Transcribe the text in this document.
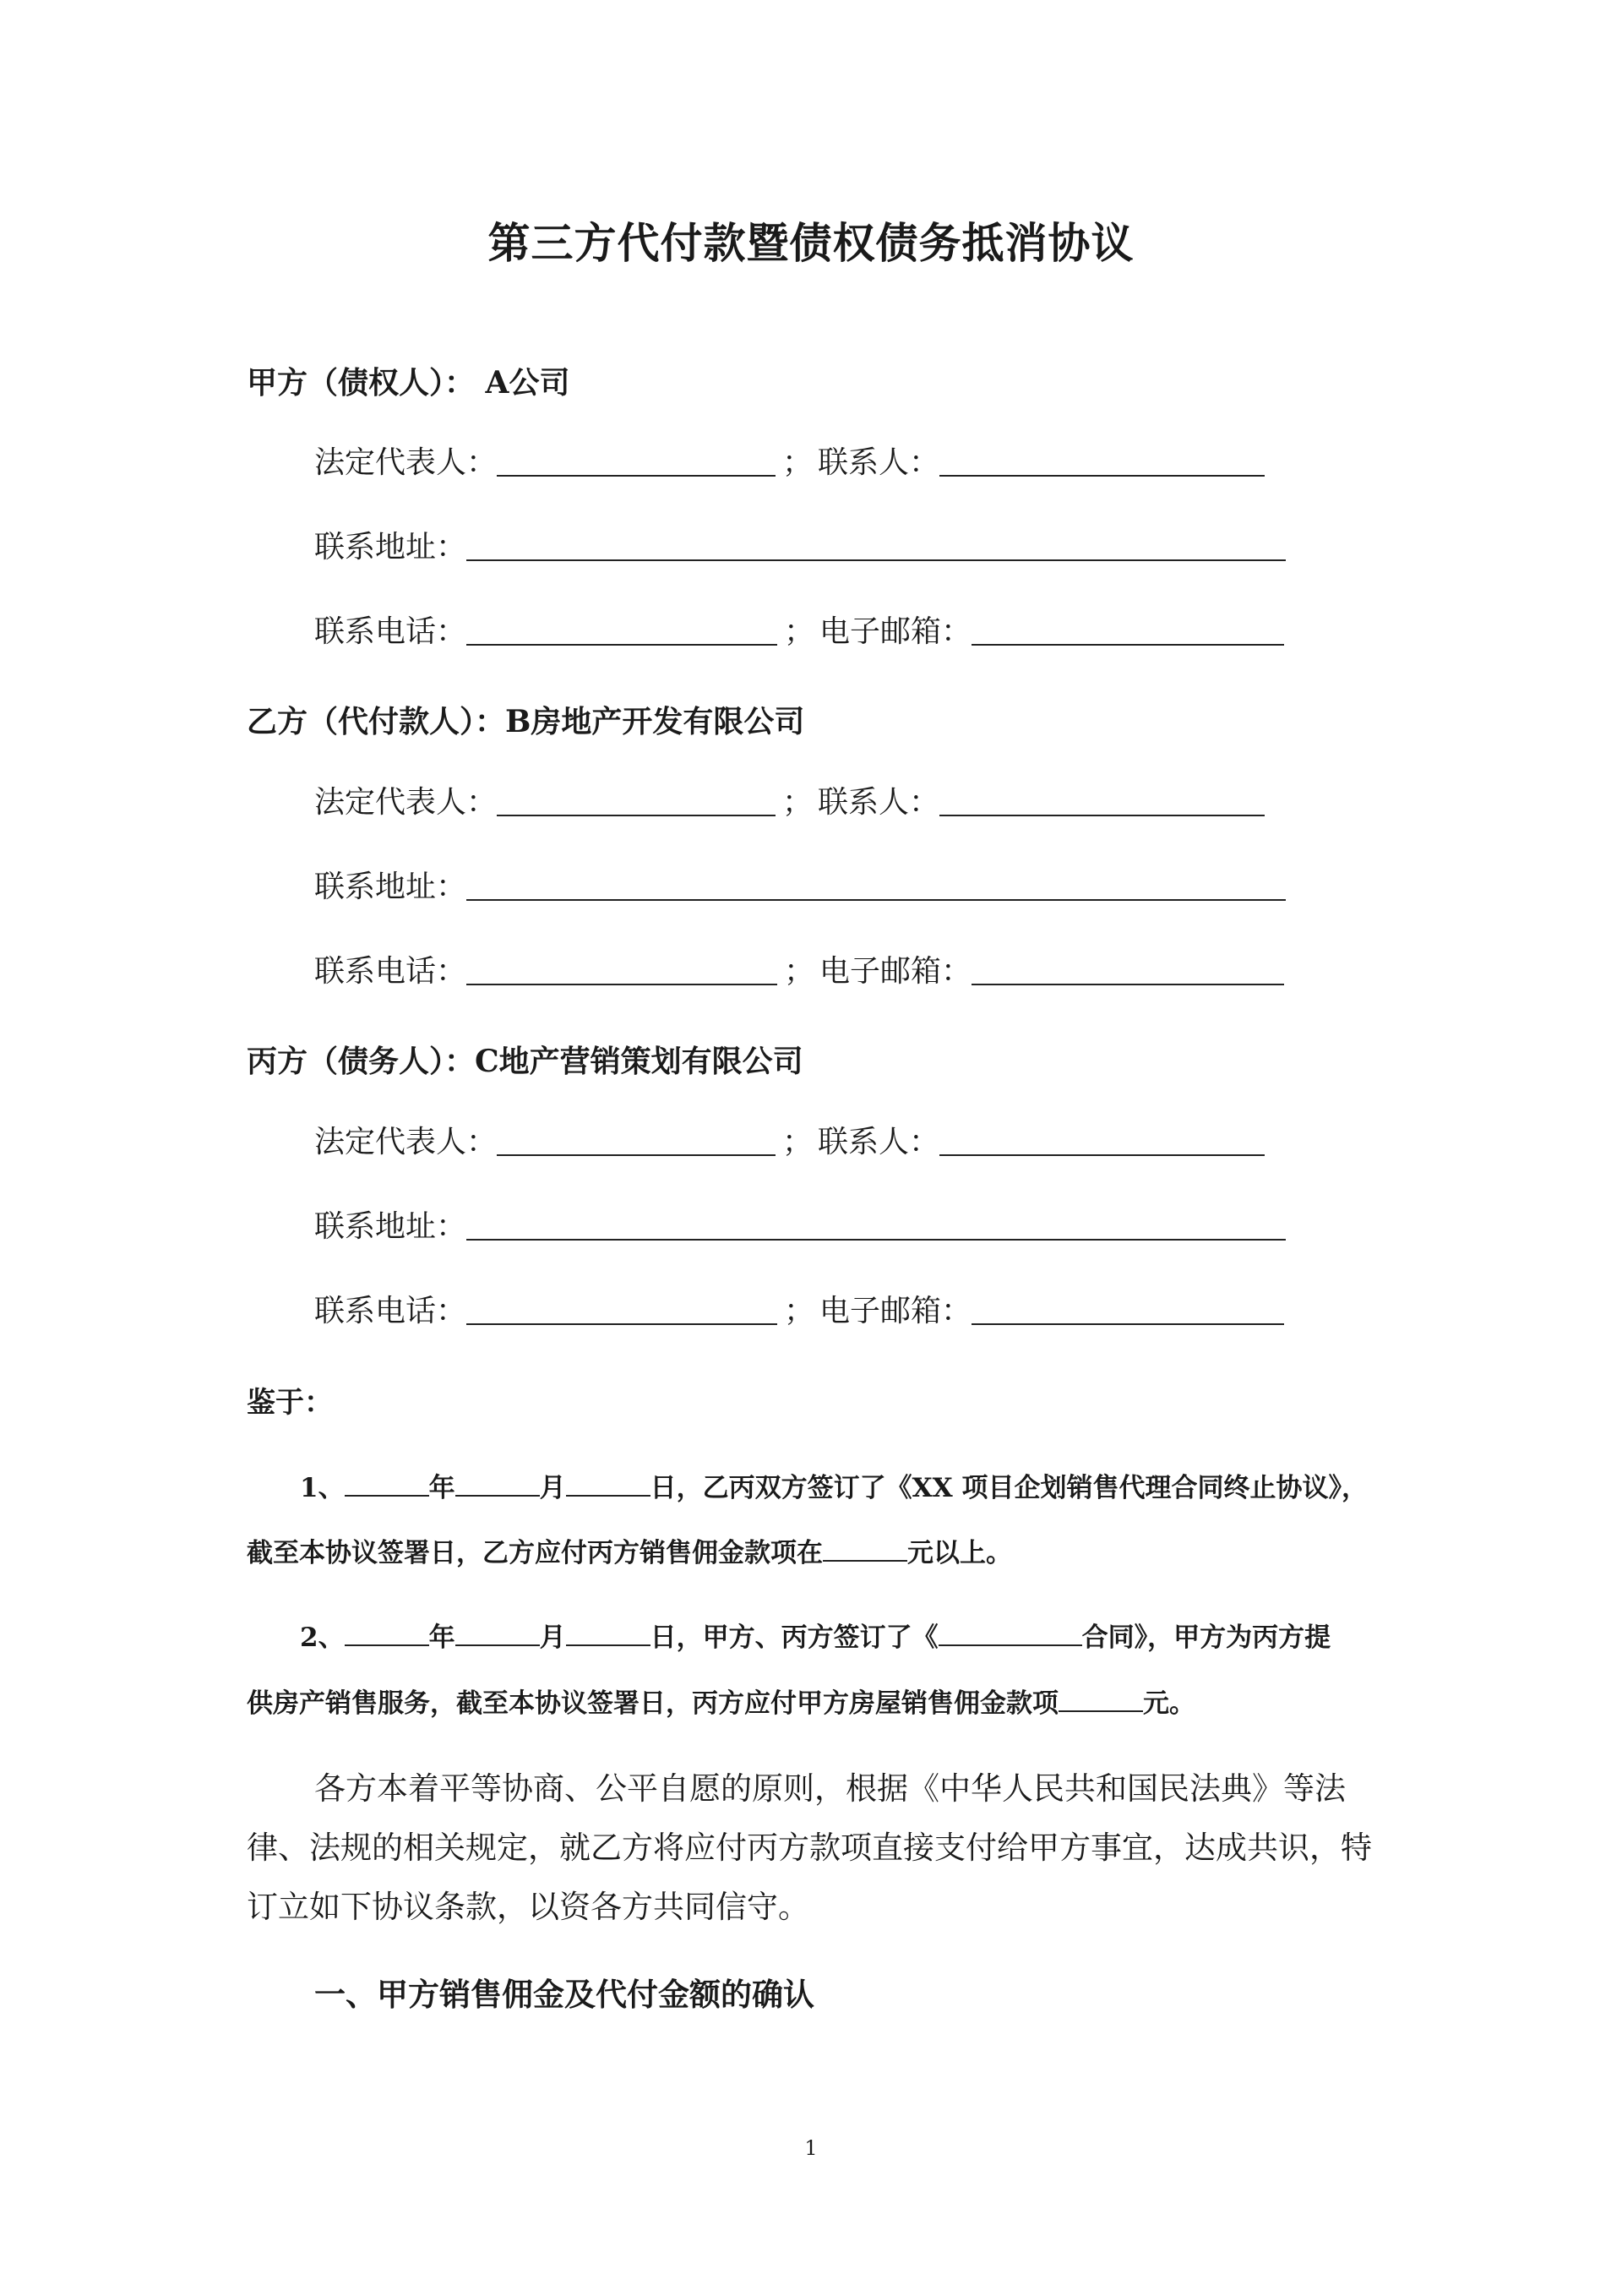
第三方代付款暨债权债务抵消协议
甲方（债权人）： A公司
法定代表人：	； 联系人：
联系地址：
联系电话：	； 电子邮箱：
乙方（代付款人）：B房地产开发有限公司
法定代表人：	； 联系人：
联系地址：
联系电话：	； 电子邮箱：
丙方（债务人）：C地产营销策划有限公司
法定代表人：	； 联系人：
联系地址：
联系电话：	； 电子邮箱：
鉴于：
1、	年	月	日，乙丙双方签订了《XX 项目企划销售代理合同终止协议》，
截至本协议签署日，乙方应付丙方销售佣金款项在	元以上。
2、	年	月	日，甲方、丙方签订了《	合同》，甲方为丙方提
供房产销售服务，截至本协议签署日，丙方应付甲方房屋销售佣金款项	元。
各方本着平等协商、公平自愿的原则，根据《中华人民共和国民法典》等法律、法规的相关规定，就乙方将应付丙方款项直接支付给甲方事宜，达成共识，特订立如下协议条款，以资各方共同信守。
一、甲方销售佣金及代付金额的确认
1
